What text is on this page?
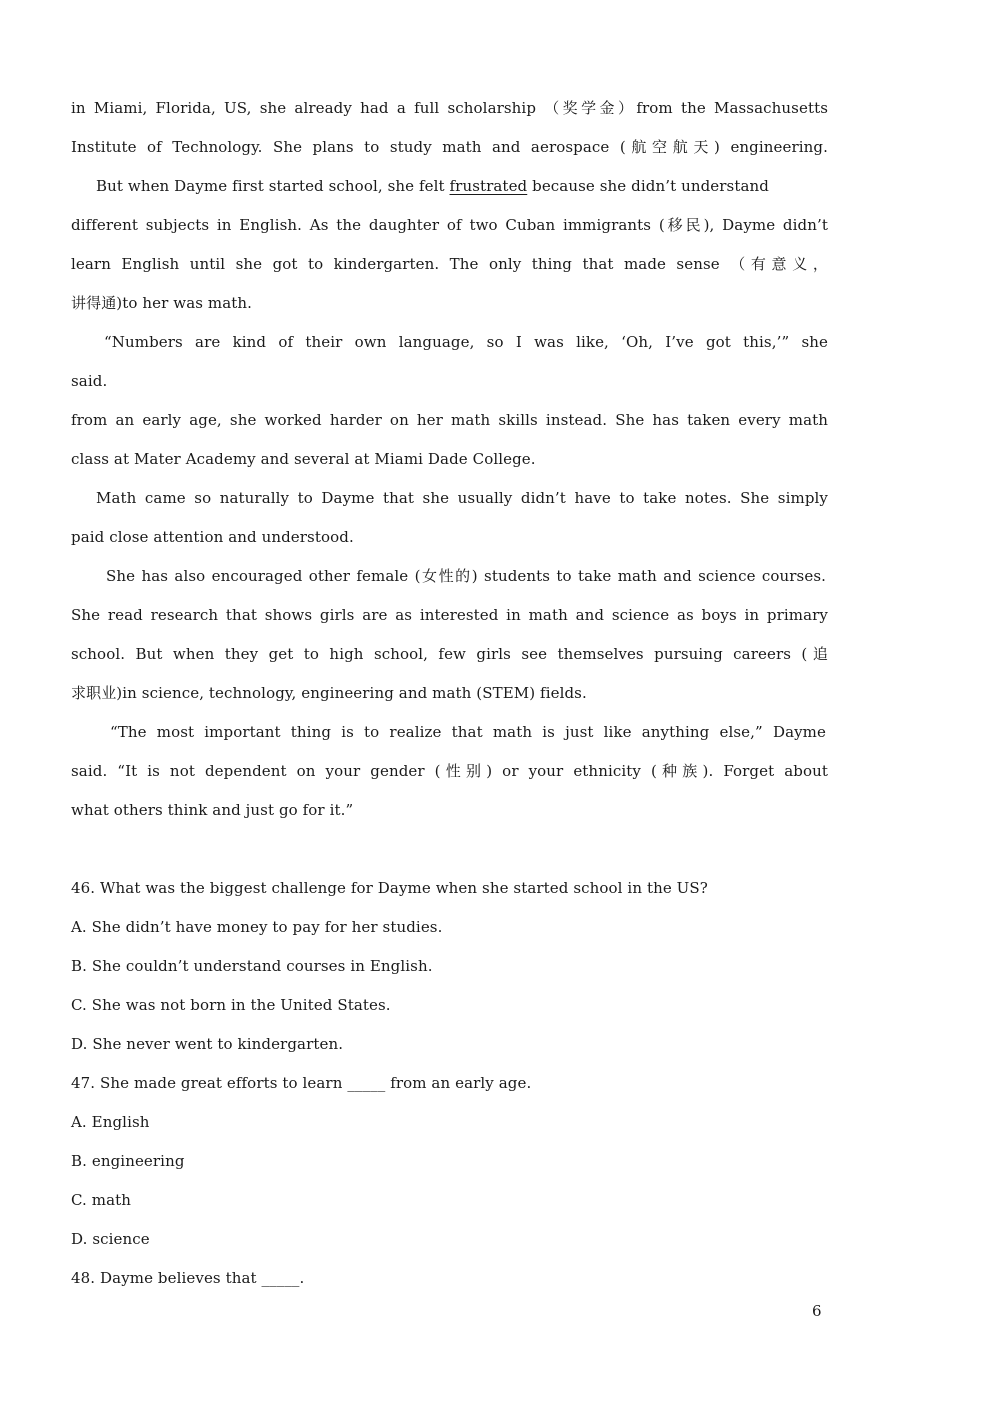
in Miami, Florida, US, she already had a full scholarship （奖学金）from the Massachusetts
Institute of Technology. She plans to study math and aerospace (航空航天) engineering.
But when Dayme first started school, she felt frustrated because she didn’t understand
different subjects in English. As the daughter of two Cuban immigrants (移民), Dayme didn’t
learn English until she got to kindergarten. The only thing that made sense （有意义，
讲得通)to her was math.
“Numbers are kind of their own language, so I was like, ‘Oh, I’ve got this,’” she
said.
from an early age, she worked harder on her math skills instead. She has taken every math
class at Mater Academy and several at Miami Dade College.
Math came so naturally to Dayme that she usually didn’t have to take notes. She simply
paid close attention and understood.
She has also encouraged other female (女性的) students to take math and science courses.
She read research that shows girls are as interested in math and science as boys in primary
school. But when they get to high school, few girls see themselves pursuing careers (追
求职业)in science, technology, engineering and math (STEM) fields.
“The most important thing is to realize that math is just like anything else,” Dayme
said. “It is not dependent on your gender (性别) or your ethnicity (种族). Forget about
what others think and just go for it.”
46. What was the biggest challenge for Dayme when she started school in the US?
A. She didn’t have money to pay for her studies.
B. She couldn’t understand courses in English.
C. She was not born in the United States.
D. She never went to kindergarten.
47. She made great efforts to learn _____ from an early age.
A. English
B. engineering
C. math
D. science
48. Dayme believes that _____.
6
